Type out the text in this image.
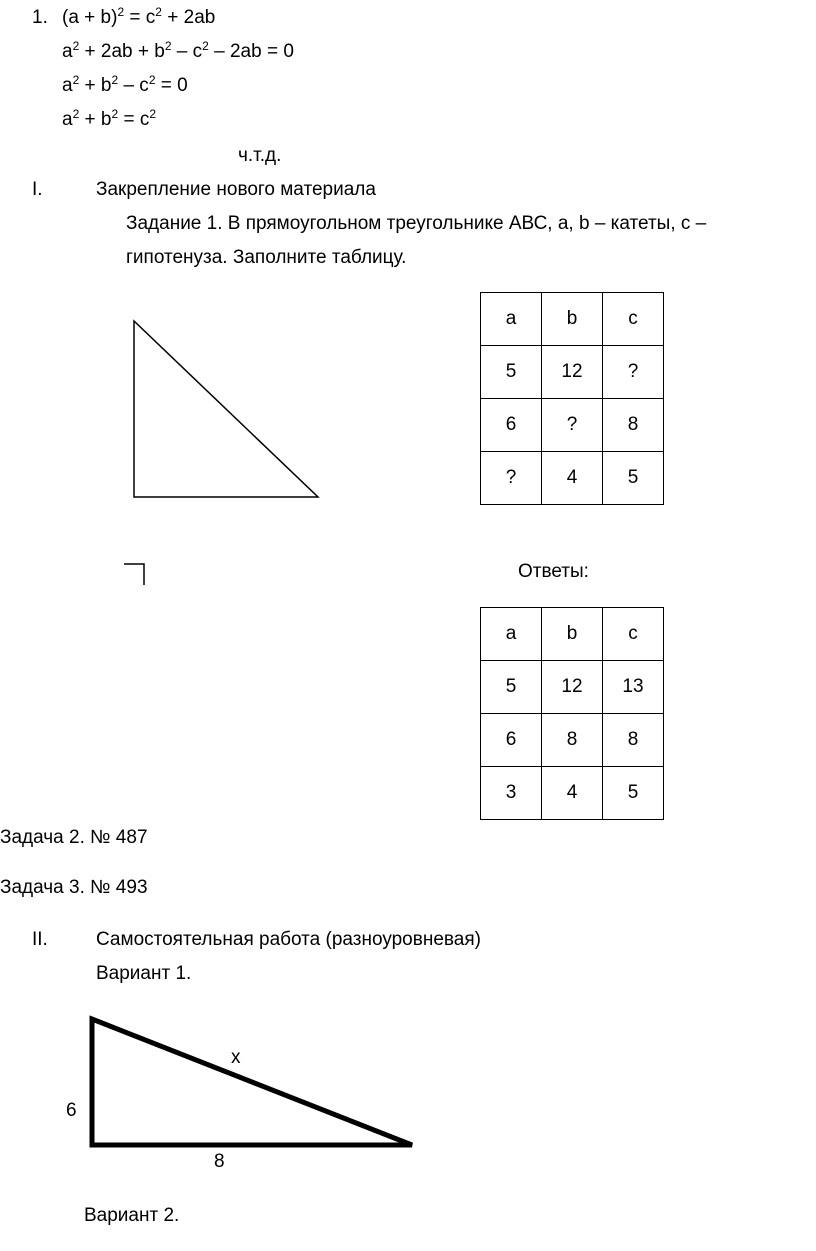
1. $(a + b)^2 = c^2 + 2ab$
$a^2 + 2ab + b^2 - c^2 - 2ab = 0$
$a^2 + b^2 - c^2 = 0$
$a^2 + b^2 = c^2$
ч.т.д.
I.	Закрепление нового материала
Задание 1. В прямоугольном треугольнике АВС, a, b – катеты, c –
гипотенуза. Заполните таблицу.
a	b	c
5	12	?
6	?	8
?	4	5
Ответы:
a	b	c
5	12	13
6	8	8
3	4	5
Задача 2. № 487
Задача 3. № 493
II.	Самостоятельная работа (разноуровневая)
Вариант 1.
x
6
8
Вариант 2.
